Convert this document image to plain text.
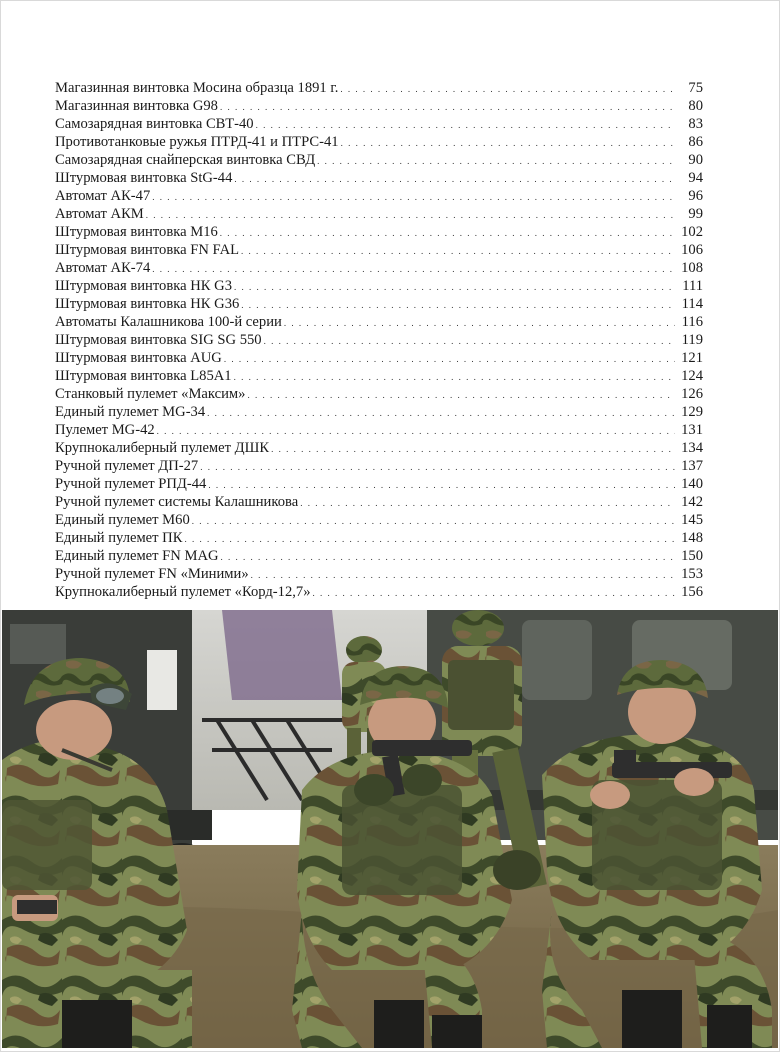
Магазинная винтовка Мосина образца 1891 г. . . .	75
Магазинная винтовка G98 . . .	80
Самозарядная винтовка СВТ-40 . . .	83
Противотанковые ружья ПТРД-41 и ПТРС-41 . . .	86
Самозарядная снайперская винтовка СВД . . .	90
Штурмовая винтовка StG-44 . . .	94
Автомат АК-47 . . .	96
Автомат АКМ . . .	99
Штурмовая винтовка M16 . . .	102
Штурмовая винтовка FN FAL . . .	106
Автомат АК-74 . . .	108
Штурмовая винтовка НК G3 . . .	111
Штурмовая винтовка НК G36 . . .	114
Автоматы Калашникова 100-й серии . . .	116
Штурмовая винтовка SIG SG 550 . . .	119
Штурмовая винтовка AUG . . .	121
Штурмовая винтовка L85A1 . . .	124
Станковый пулемет «Максим» . . .	126
Единый пулемет MG-34 . . .	129
Пулемет MG-42 . . .	131
Крупнокалиберный пулемет ДШК . . .	134
Ручной пулемет ДП-27 . . .	137
Ручной пулемет РПД-44 . . .	140
Ручной пулемет системы Калашникова . . .	142
Единый пулемет M60 . . .	145
Единый пулемет ПК . . .	148
Единый пулемет FN MAG . . .	150
Ручной пулемет FN «Миними» . . .	153
Крупнокалиберный пулемет «Корд-12,7» . . .	156
